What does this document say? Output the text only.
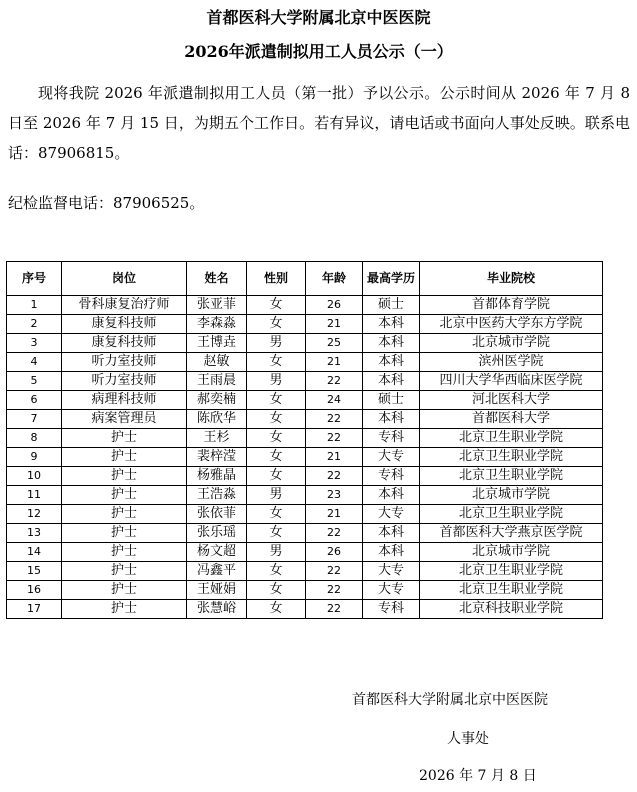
首都医科大学附属北京中医医院
2026年派遣制拟用工人员公示（一）

现将我院 2026 年派遣制拟用工人员（第一批）予以公示。公示时间从 2026 年 7 月 8 日至 2026 年 7 月 15 日，为期五个工作日。若有异议，请电话或书面向人事处反映。联系电话：87906815。

纪检监督电话：87906525。
序号	岗位	姓名	性别	年龄	最高学历	毕业院校
1	骨科康复治疗师	张亚菲	女	26	硕士	首都体育学院
2	康复科技师	李森淼	女	21	本科	北京中医药大学东方学院
3	康复科技师	王博垚	男	25	本科	北京城市学院
4	听力室技师	赵敏	女	21	本科	滨州医学院
5	听力室技师	王雨晨	男	22	本科	四川大学华西临床医学院
6	病理科技师	郝奕楠	女	24	硕士	河北医科大学
7	病案管理员	陈欣华	女	22	本科	首都医科大学
8	护士	王杉	女	22	专科	北京卫生职业学院
9	护士	裴梓滢	女	21	大专	北京卫生职业学院
10	护士	杨雅晶	女	22	专科	北京卫生职业学院
11	护士	王浩淼	男	23	本科	北京城市学院
12	护士	张依菲	女	21	大专	北京卫生职业学院
13	护士	张乐瑶	女	22	本科	首都医科大学燕京医学院
14	护士	杨文超	男	26	本科	北京城市学院
15	护士	冯鑫平	女	22	大专	北京卫生职业学院
16	护士	王娅娟	女	22	大专	北京卫生职业学院
17	护士	张慧峪	女	22	专科	北京科技职业学院
首都医科大学附属北京中医医院
人事处
2026 年 7 月 8 日
